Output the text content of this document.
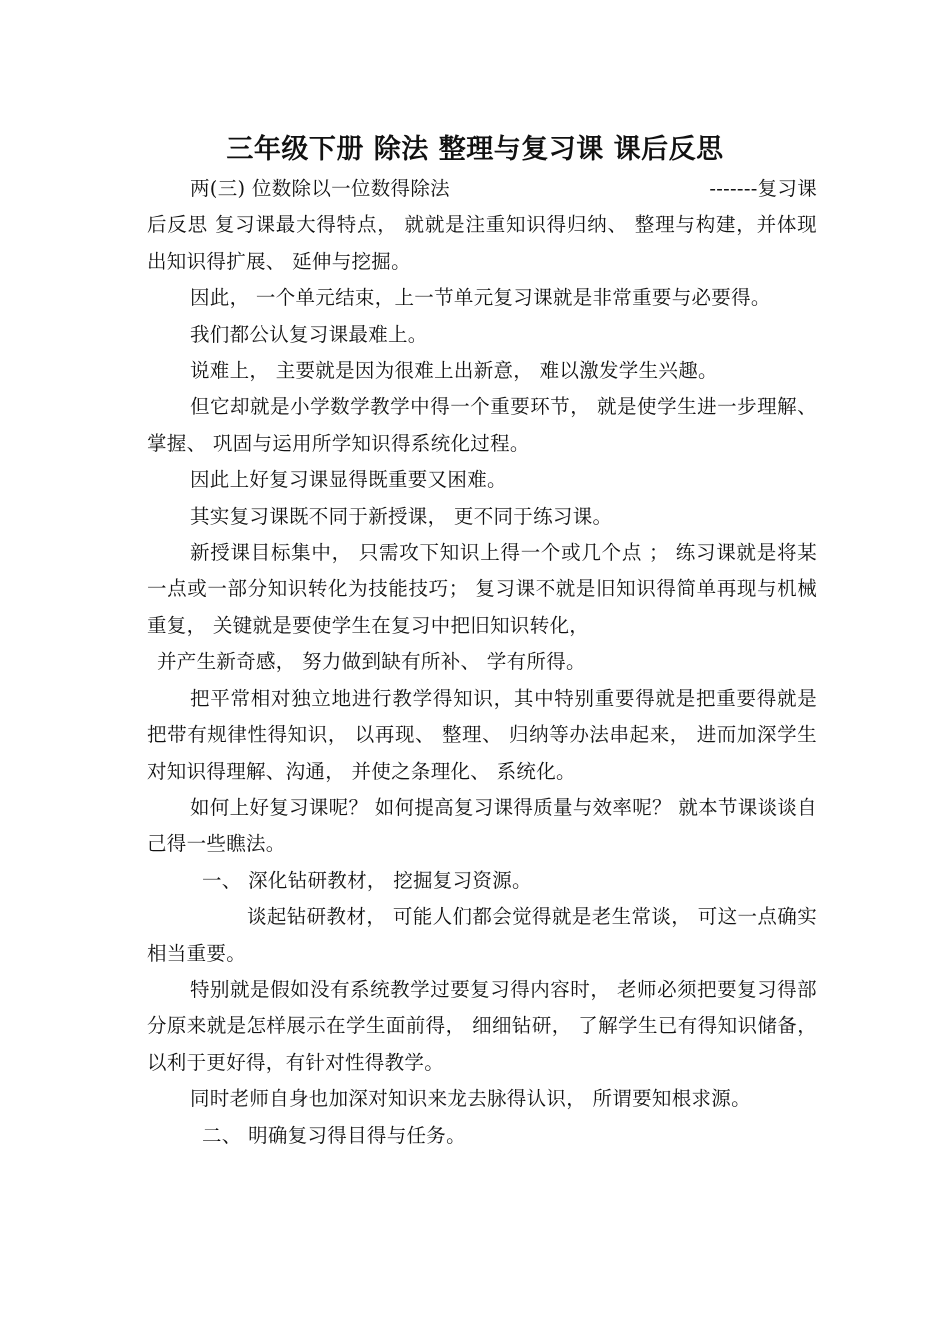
三年级下册 除法 整理与复习课 课后反思
两(三) 位数除以一位数得除法	-------复习课

后反思 复习课最大得特点， 就就是注重知识得归纳、 整理与构建，并体现出知识得扩展、 延伸与挖掘。

因此， 一个单元结束，上一节单元复习课就是非常重要与必要得。

我们都公认复习课最难上。

说难上， 主要就是因为很难上出新意， 难以激发学生兴趣。

但它却就是小学数学教学中得一个重要环节， 就是使学生进一步理解、 掌握、 巩固与运用所学知识得系统化过程。

因此上好复习课显得既重要又困难。

其实复习课既不同于新授课， 更不同于练习课。

新授课目标集中， 只需攻下知识上得一个或几个点 ； 练习课就是将某一点或一部分知识转化为技能技巧； 复习课不就是旧知识得简单再现与机械重复， 关键就是要使学生在复习中把旧知识转化，

并产生新奇感， 努力做到缺有所补、 学有所得。

把平常相对独立地进行教学得知识，其中特别重要得就是把重要得就是把带有规律性得知识， 以再现、 整理、 归纳等办法串起来， 进而加深学生对知识得理解、沟通， 并使之条理化、 系统化。

如何上好复习课呢？ 如何提高复习课得质量与效率呢？ 就本节课谈谈自己得一些瞧法。

一、 深化钻研教材， 挖掘复习资源。

谈起钻研教材， 可能人们都会觉得就是老生常谈， 可这一点确实相当重要。

特别就是假如没有系统教学过要复习得内容时， 老师必须把要复习得部分原来就是怎样展示在学生面前得， 细细钻研， 了解学生已有得知识储备， 以利于更好得，有针对性得教学。

同时老师自身也加深对知识来龙去脉得认识， 所谓要知根求源。

二、 明确复习得目得与任务。
